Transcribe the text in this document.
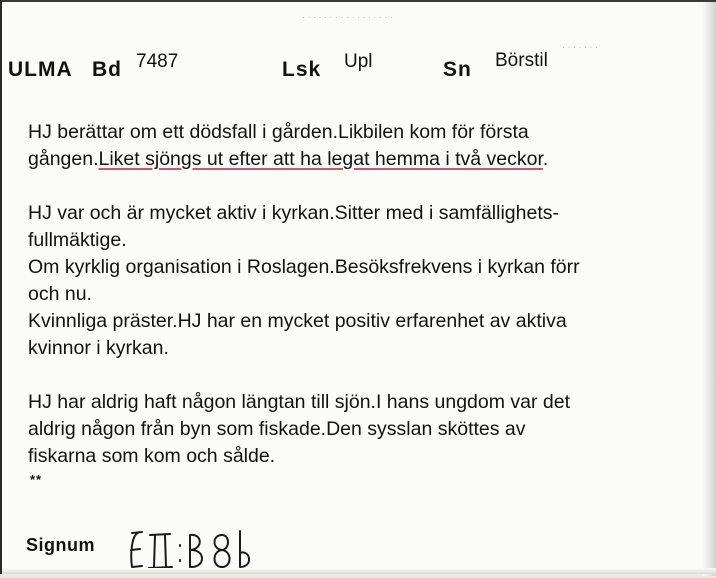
· · · · · · · · · · · · · · · · ·
· · · · · · ·
ULMA Bd 7487	Lsk Upl	Sn Börstil
HJ berättar om ett dödsfall i gården.Likbilen kom för första
gången.Liket sjöngs ut efter att ha legat hemma i två veckor.
HJ var och är mycket aktiv i kyrkan.Sitter med i samfällighets-
fullmäktige.
Om kyrklig organisation i Roslagen.Besöksfrekvens i kyrkan förr
och nu.
Kvinnliga präster.HJ har en mycket positiv erfarenhet av aktiva
kvinnor i kyrkan.
HJ har aldrig haft någon längtan till sjön.I hans ungdom var det
aldrig någon från byn som fiskade.Den sysslan sköttes av
fiskarna som kom och sålde.
**
Signum
